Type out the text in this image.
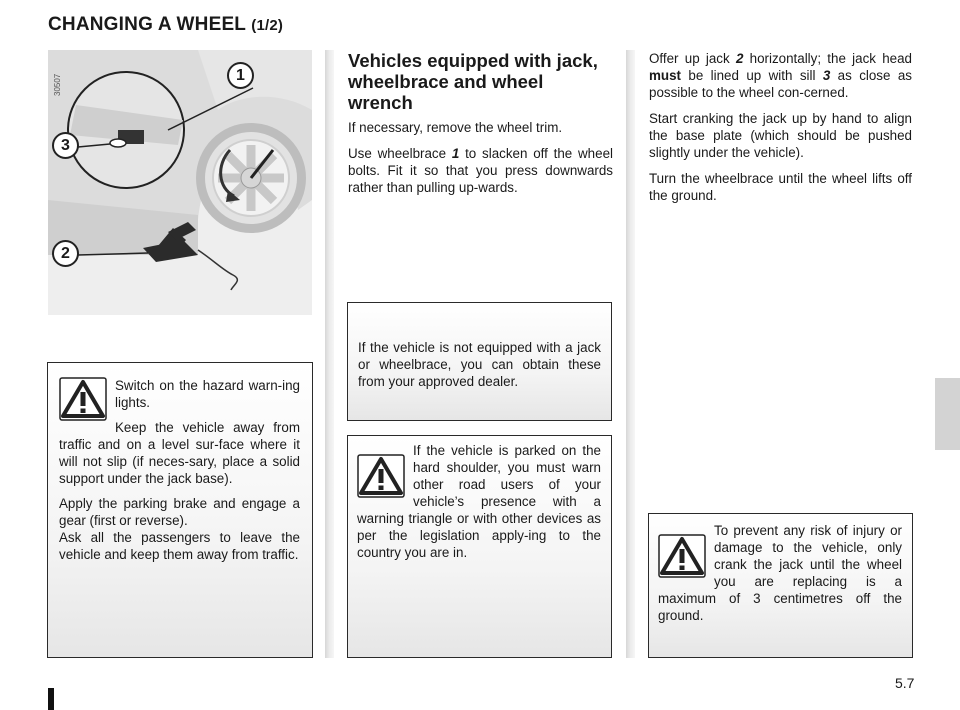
CHANGING A WHEEL (1/2)
30507	1
3
2

Switch on the hazard warn-ing lights.

Keep the vehicle away from traffic and on a level sur-face where it will not slip (if neces-sary, place a solid support under the jack base).

Apply the parking brake and engage a gear (first or reverse).

Ask all the passengers to leave the vehicle and keep them away from traffic.

Vehicles equipped with jack, wheelbrace and wheel wrench

If necessary, remove the wheel trim.

Use wheelbrace 1 to slacken off the wheel bolts. Fit it so that you press downwards rather than pulling up-wards.

If the vehicle is not equipped with a jack or wheelbrace, you can obtain these from your approved dealer.

If the vehicle is parked on the hard shoulder, you must warn other road users of your vehicle’s presence with a warning triangle or with other devices as per the legislation apply-ing to the country you are in.

Offer up jack 2 horizontally; the jack head must be lined up with sill 3 as close as possible to the wheel con-cerned.

Start cranking the jack up by hand to align the base plate (which should be pushed slightly under the vehicle).

Turn the wheelbrace until the wheel lifts off the ground.

To prevent any risk of injury or damage to the vehicle, only crank the jack until the wheel you are replacing is a maximum of 3 centimetres off the ground.

5.7
